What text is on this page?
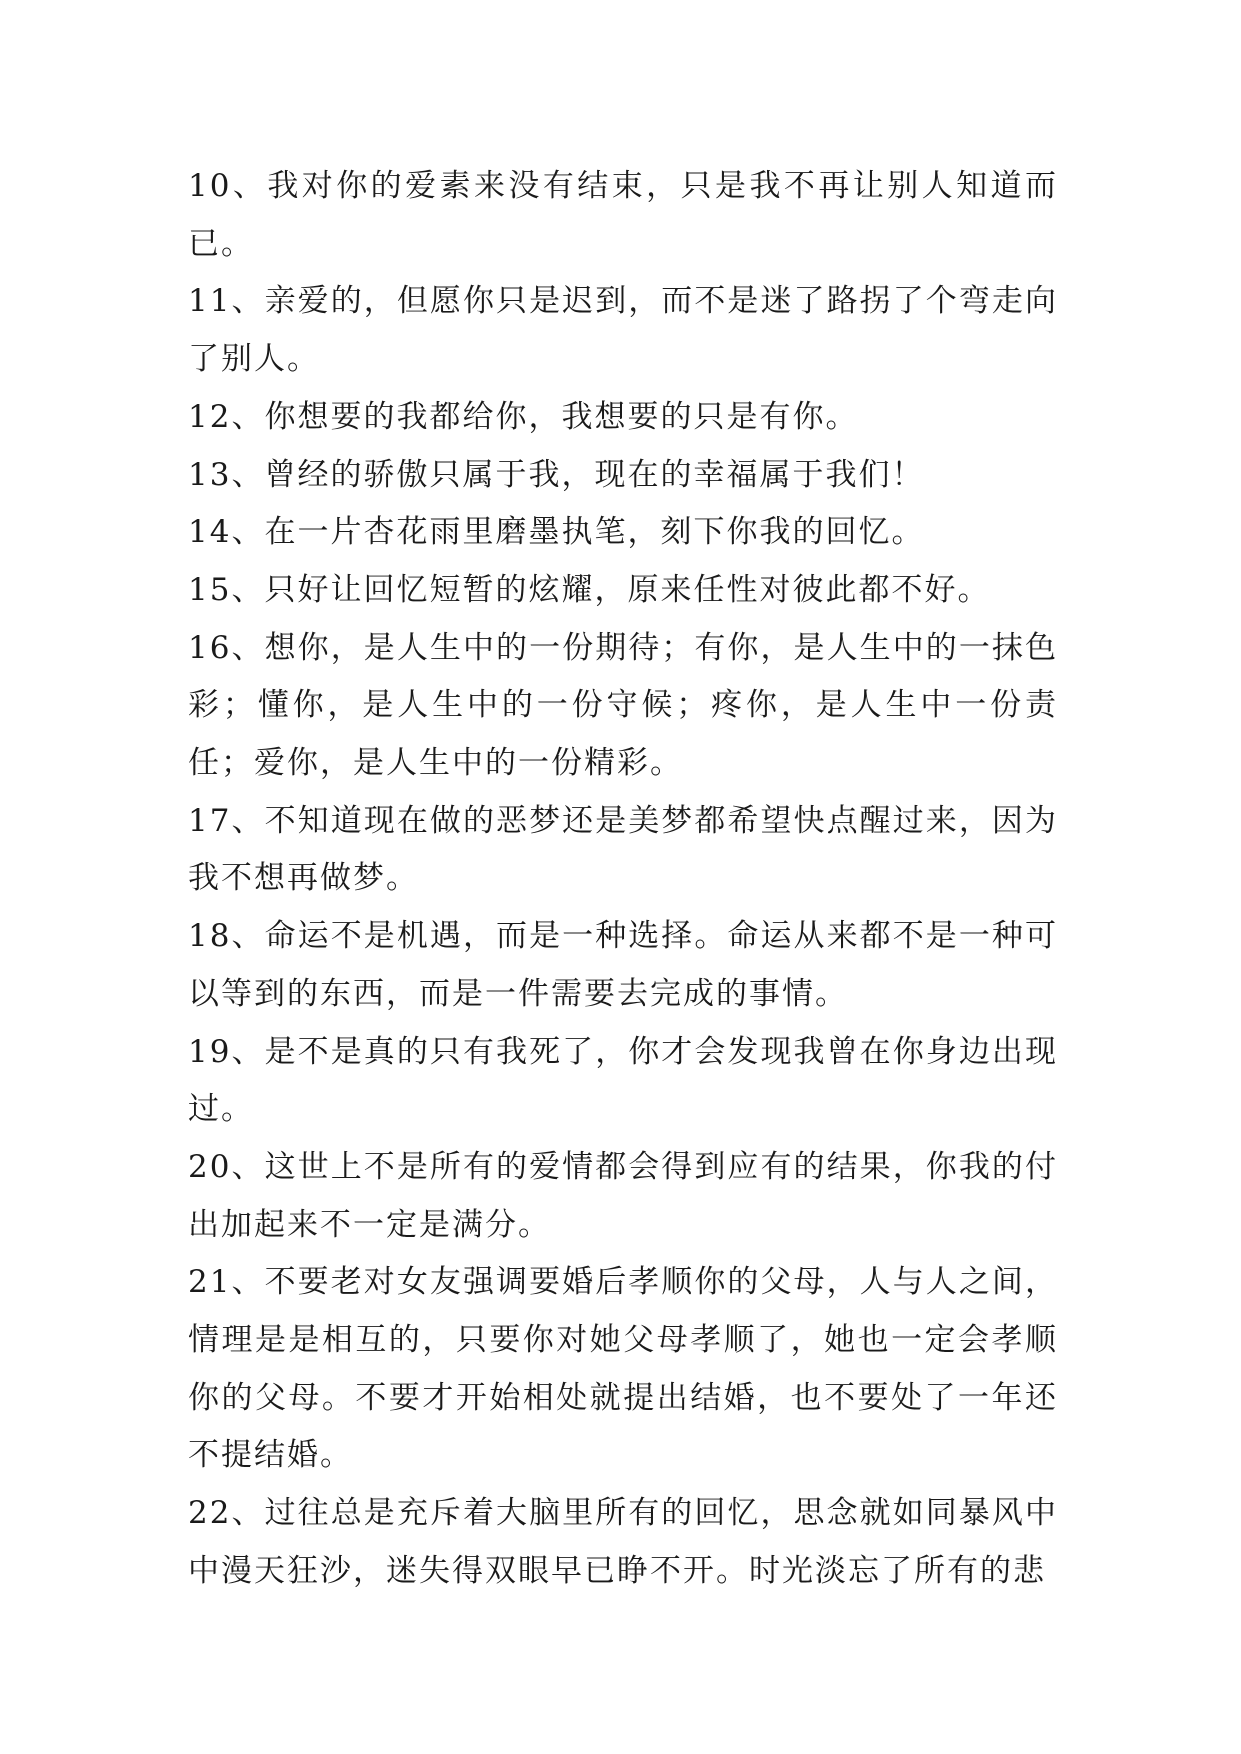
10、我对你的爱素来没有结束，只是我不再让别人知道而已。

11、亲爱的，但愿你只是迟到，而不是迷了路拐了个弯走向了别人。

12、你想要的我都给你，我想要的只是有你。

13、曾经的骄傲只属于我，现在的幸福属于我们！

14、在一片杏花雨里磨墨执笔，刻下你我的回忆。

15、只好让回忆短暂的炫耀，原来任性对彼此都不好。

16、想你，是人生中的一份期待；有你，是人生中的一抹色彩；懂你，是人生中的一份守候；疼你，是人生中一份责任；爱你，是人生中的一份精彩。

17、不知道现在做的恶梦还是美梦都希望快点醒过来，因为我不想再做梦。

18、命运不是机遇，而是一种选择。命运从来都不是一种可以等到的东西，而是一件需要去完成的事情。

19、是不是真的只有我死了，你才会发现我曾在你身边出现过。

20、这世上不是所有的爱情都会得到应有的结果，你我的付出加起来不一定是满分。

21、不要老对女友强调要婚后孝顺你的父母，人与人之间，情理是是相互的，只要你对她父母孝顺了，她也一定会孝顺你的父母。不要才开始相处就提出结婚，也不要处了一年还不提结婚。

22、过往总是充斥着大脑里所有的回忆，思念就如同暴风中中漫天狂沙，迷失得双眼早已睁不开。时光淡忘了所有的悲
